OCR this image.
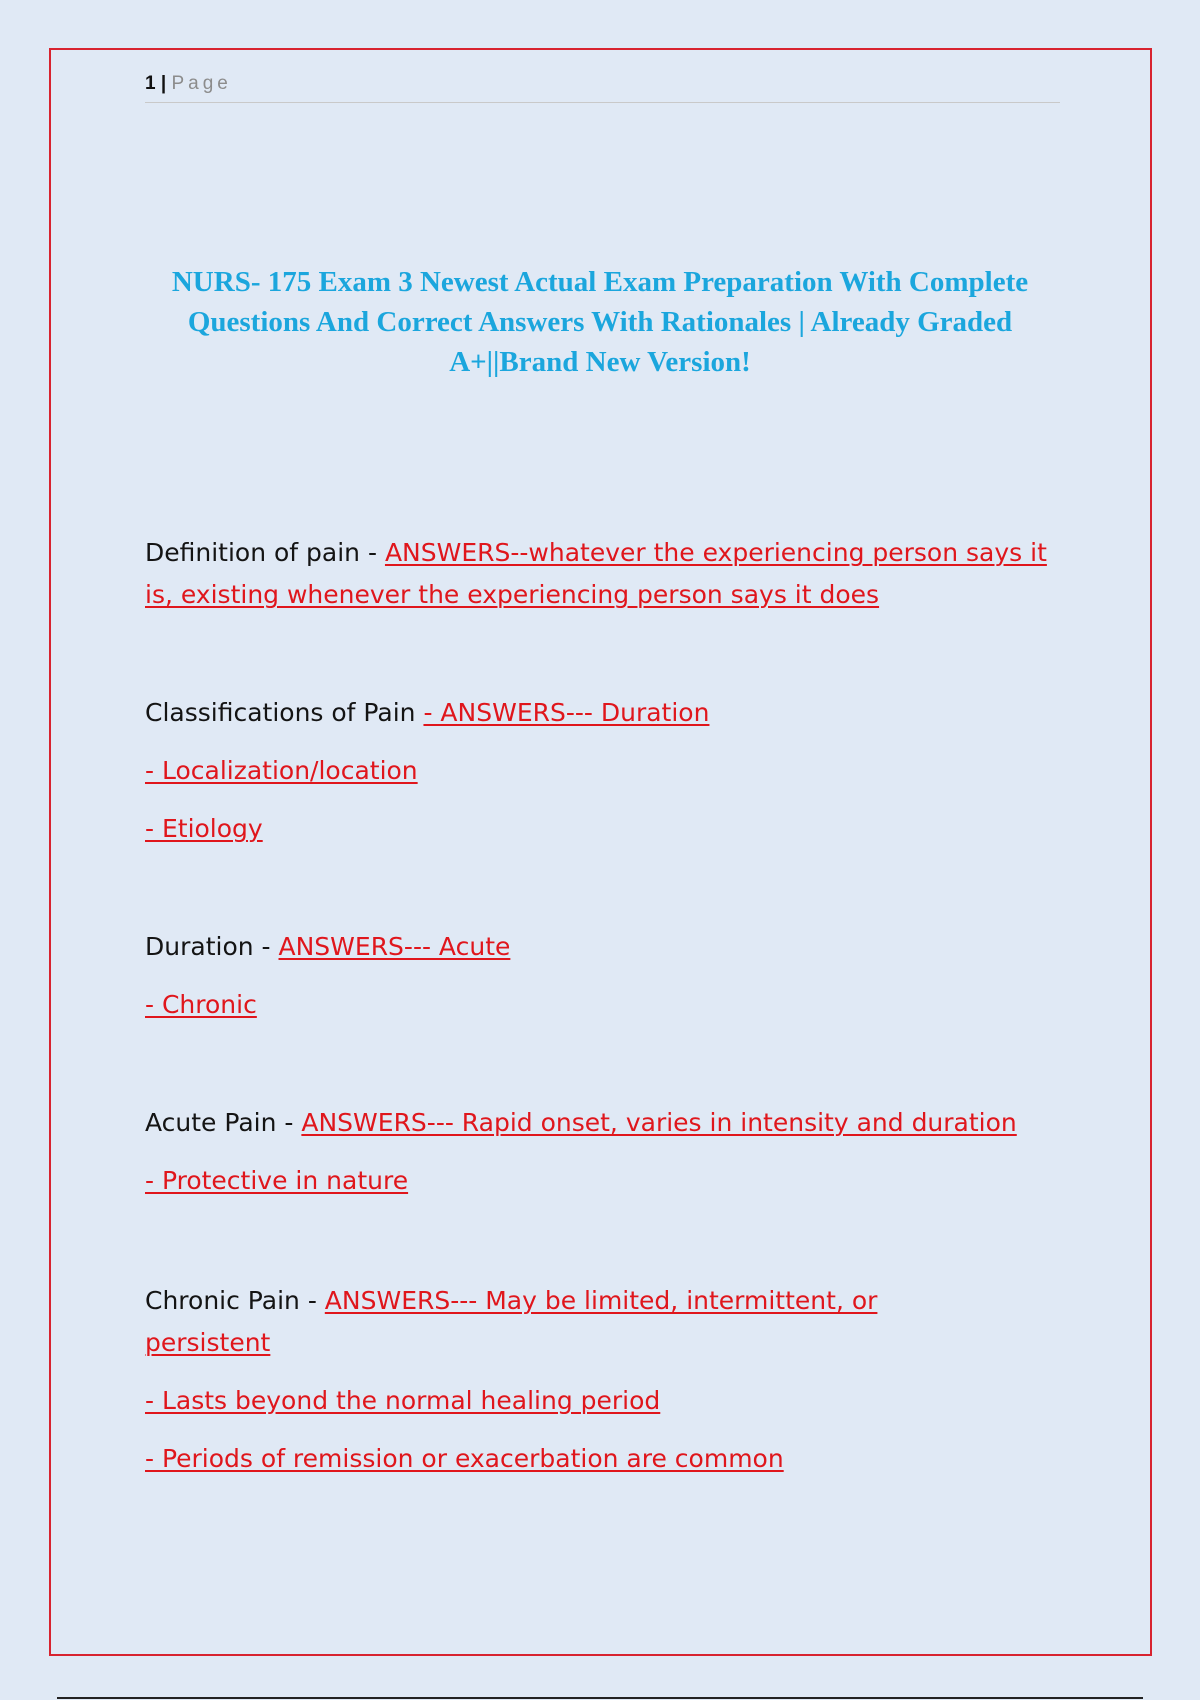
1 | Page
NURS- 175 Exam 3 Newest Actual Exam Preparation With Complete Questions And Correct Answers With Rationales | Already Graded A+||Brand New Version!
Definition of pain - ANSWERS--whatever the experiencing person says it is, existing whenever the experiencing person says it does
Classifications of Pain - ANSWERS--- Duration
- Localization/location
- Etiology
Duration - ANSWERS--- Acute
- Chronic
Acute Pain - ANSWERS--- Rapid onset, varies in intensity and duration
- Protective in nature
Chronic Pain - ANSWERS--- May be limited, intermittent, or persistent
- Lasts beyond the normal healing period
- Periods of remission or exacerbation are common
